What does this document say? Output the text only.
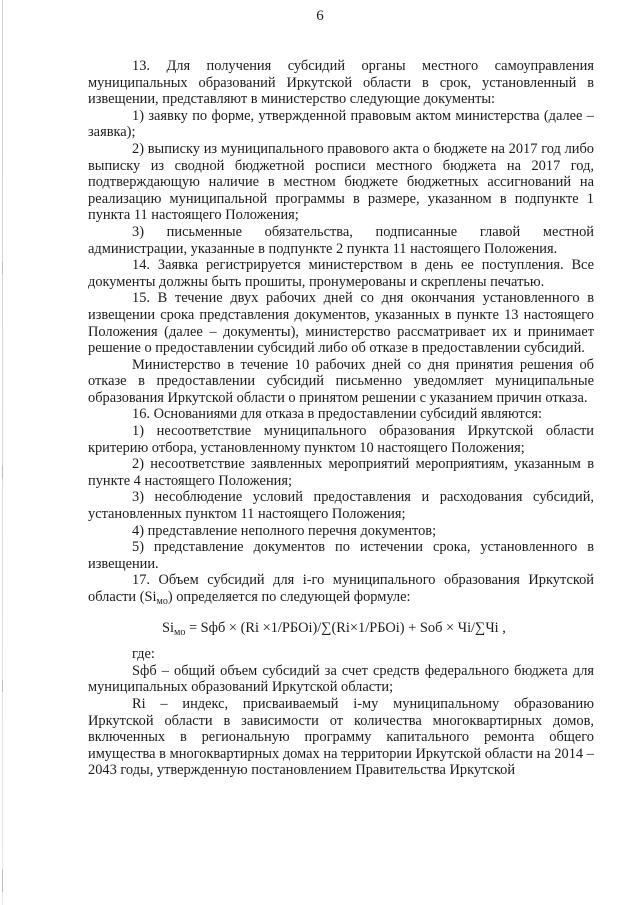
6

13. Для получения субсидий органы местного самоуправления муниципальных образований Иркутской области в срок, установленный в извещении, представляют в министерство следующие документы:

1) заявку по форме, утвержденной правовым актом министерства (далее – заявка);

2) выписку из муниципального правового акта о бюджете на 2017 год либо выписку из сводной бюджетной росписи местного бюджета на 2017 год, подтверждающую наличие в местном бюджете бюджетных ассигнований на реализацию муниципальной программы в размере, указанном в подпункте 1 пункта 11 настоящего Положения;

3) письменные обязательства, подписанные главой местной администрации, указанные в подпункте 2 пункта 11 настоящего Положения.

14. Заявка регистрируется министерством в день ее поступления. Все документы должны быть прошиты, пронумерованы и скреплены печатью.

15. В течение двух рабочих дней со дня окончания установленного в извещении срока представления документов, указанных в пункте 13 настоящего Положения (далее – документы), министерство рассматривает их и принимает решение о предоставлении субсидий либо об отказе в предоставлении субсидий.

Министерство в течение 10 рабочих дней со дня принятия решения об отказе в предоставлении субсидий письменно уведомляет муниципальные образования Иркутской области о принятом решении с указанием причин отказа.

16. Основаниями для отказа в предоставлении субсидий являются:

1) несоответствие муниципального образования Иркутской области критерию отбора, установленному пунктом 10 настоящего Положения;

2) несоответствие заявленных мероприятий мероприятиям, указанным в пункте 4 настоящего Положения;

3) несоблюдение условий предоставления и расходования субсидий, установленных пунктом 11 настоящего Положения;

4) представление неполного перечня документов;

5) представление документов по истечении срока, установленного в извещении.

17. Объем субсидий для i-го муниципального образования Иркутской области $(Si_{мо})$ определяется по следующей формуле:

$Si_{мо}$ = Sфб × (Ri ×1/РБОi)/∑(Ri×1/РБОi) + Sоб × Чi/∑Чi ,

где:

Sфб – общий объем субсидий за счет средств федерального бюджета для муниципальных образований Иркутской области;

Ri – индекс, присваиваемый i-му муниципальному образованию Иркутской области в зависимости от количества многоквартирных домов, включенных в региональную программу капитального ремонта общего имущества в многоквартирных домах на территории Иркутской области на 2014 – 2043 годы, утвержденную постановлением Правительства Иркутской
